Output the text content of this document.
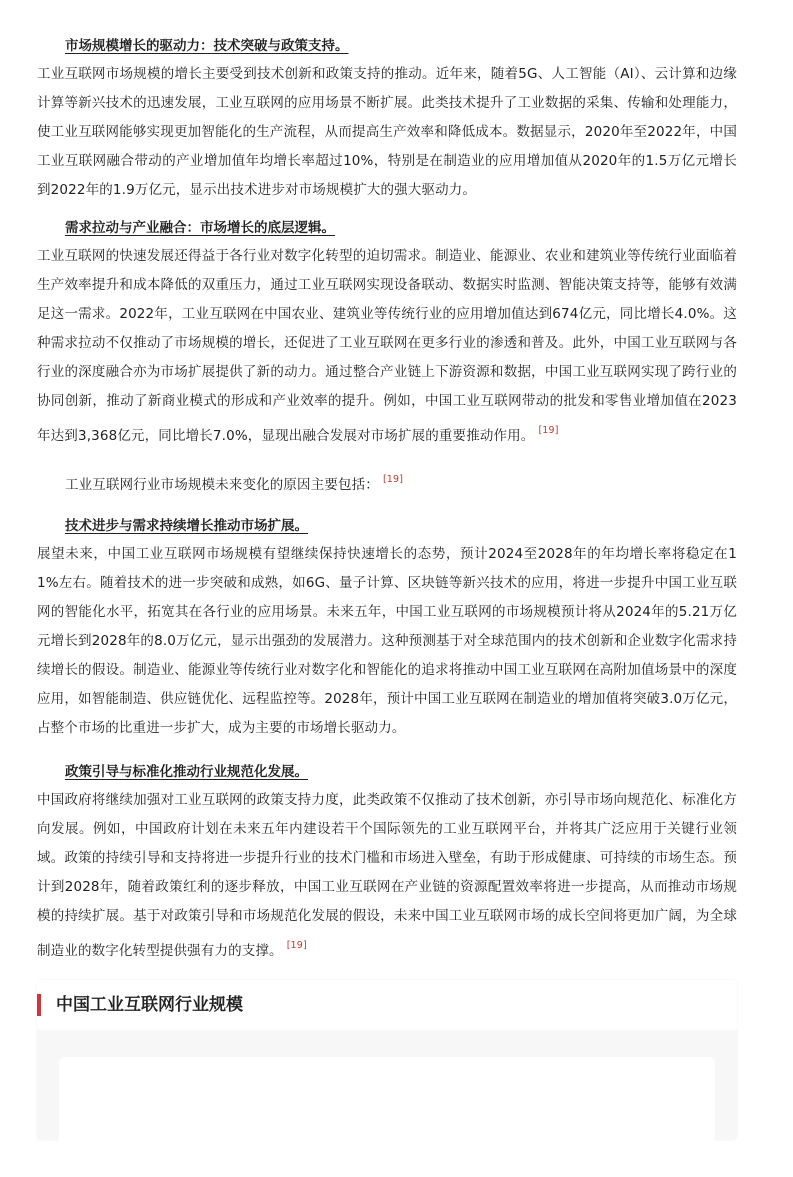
市场规模增长的驱动力：技术突破与政策支持。

工业互联网市场规模的增长主要受到技术创新和政策支持的推动。近年来，随着5G、人工智能（AI）、云计算和边缘计算等新兴技术的迅速发展，工业互联网的应用场景不断扩展。此类技术提升了工业数据的采集、传输和处理能力，使工业互联网能够实现更加智能化的生产流程，从而提高生产效率和降低成本。数据显示，2020年至2022年，中国工业互联网融合带动的产业增加值年均增长率超过10%，特别是在制造业的应用增加值从2020年的1.5万亿元增长到2022年的1.9万亿元，显示出技术进步对市场规模扩大的强大驱动力。

需求拉动与产业融合：市场增长的底层逻辑。

工业互联网的快速发展还得益于各行业对数字化转型的迫切需求。制造业、能源业、农业和建筑业等传统行业面临着生产效率提升和成本降低的双重压力，通过工业互联网实现设备联动、数据实时监测、智能决策支持等，能够有效满足这一需求。2022年，工业互联网在中国农业、建筑业等传统行业的应用增加值达到674亿元，同比增长4.0%。这种需求拉动不仅推动了市场规模的增长，还促进了工业互联网在更多行业的渗透和普及。此外，中国工业互联网与各行业的深度融合亦为市场扩展提供了新的动力。通过整合产业链上下游资源和数据，中国工业互联网实现了跨行业的协同创新，推动了新商业模式的形成和产业效率的提升。例如，中国工业互联网带动的批发和零售业增加值在2023年达到3,368亿元，同比增长7.0%，显现出融合发展对市场扩展的重要推动作用。 [19]

工业互联网行业市场规模未来变化的原因主要包括： [19]

技术进步与需求持续增长推动市场扩展。

展望未来，中国工业互联网市场规模有望继续保持快速增长的态势，预计2024至2028年的年均增长率将稳定在11%左右。随着技术的进一步突破和成熟，如6G、量子计算、区块链等新兴技术的应用，将进一步提升中国工业互联网的智能化水平，拓宽其在各行业的应用场景。未来五年，中国工业互联网的市场规模预计将从2024年的5.21万亿元增长到2028年的8.0万亿元，显示出强劲的发展潜力。这种预测基于对全球范围内的技术创新和企业数字化需求持续增长的假设。制造业、能源业等传统行业对数字化和智能化的追求将推动中国工业互联网在高附加值场景中的深度应用，如智能制造、供应链优化、远程监控等。2028年，预计中国工业互联网在制造业的增加值将突破3.0万亿元，占整个市场的比重进一步扩大，成为主要的市场增长驱动力。

政策引导与标准化推动行业规范化发展。

中国政府将继续加强对工业互联网的政策支持力度，此类政策不仅推动了技术创新，亦引导市场向规范化、标准化方向发展。例如，中国政府计划在未来五年内建设若干个国际领先的工业互联网平台，并将其广泛应用于关键行业领域。政策的持续引导和支持将进一步提升行业的技术门槛和市场进入壁垒，有助于形成健康、可持续的市场生态。预计到2028年，随着政策红利的逐步释放，中国工业互联网在产业链的资源配置效率将进一步提高，从而推动市场规模的持续扩展。基于对政策引导和市场规范化发展的假设，未来中国工业互联网市场的成长空间将更加广阔，为全球制造业的数字化转型提供强有力的支撑。 [19]

中国工业互联网行业规模
